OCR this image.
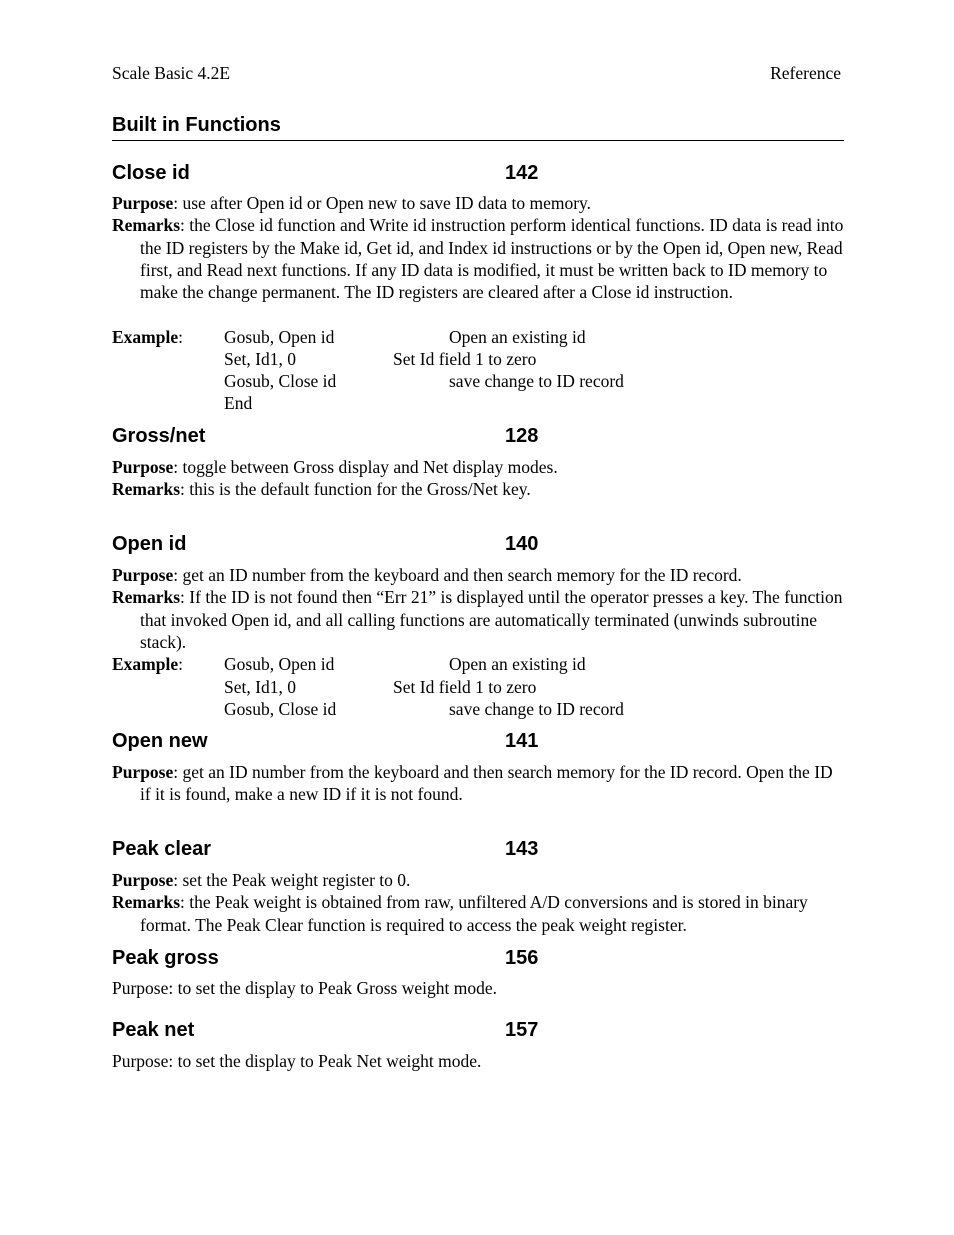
Scale Basic 4.2E	Reference
Built in Functions
Close id	142

Purpose: use after Open id or Open new to save ID data to memory.

Remarks: the Close id function and Write id instruction perform identical functions. ID data is read into the ID registers by the Make id, Get id, and Index id instructions or by the Open id, Open new, Read first, and Read next functions. If any ID data is modified, it must be written back to ID memory to make the change permanent. The ID registers are cleared after a Close id instruction.

Example: Gosub, Open id	Open an existing id
Set, Id1, 0	Set Id field 1 to zero
Gosub, Close id	save change to ID record
End
Gross/net	128

Purpose: toggle between Gross display and Net display modes.

Remarks: this is the default function for the Gross/Net key.

Open id	140

Purpose: get an ID number from the keyboard and then search memory for the ID record.

Remarks: If the ID is not found then “Err 21” is displayed until the operator presses a key. The function that invoked Open id, and all calling functions are automatically terminated (unwinds subroutine stack).

Example: Gosub, Open id	Open an existing id
Set, Id1, 0	Set Id field 1 to zero
Gosub, Close id	save change to ID record
Open new	141

Purpose: get an ID number from the keyboard and then search memory for the ID record. Open the ID if it is found, make a new ID if it is not found.

Peak clear	143

Purpose: set the Peak weight register to 0.

Remarks: the Peak weight is obtained from raw, unfiltered A/D conversions and is stored in binary format. The Peak Clear function is required to access the peak weight register.

Peak gross	156
Purpose: to set the display to Peak Gross weight mode.
Peak net	157
Purpose: to set the display to Peak Net weight mode.
